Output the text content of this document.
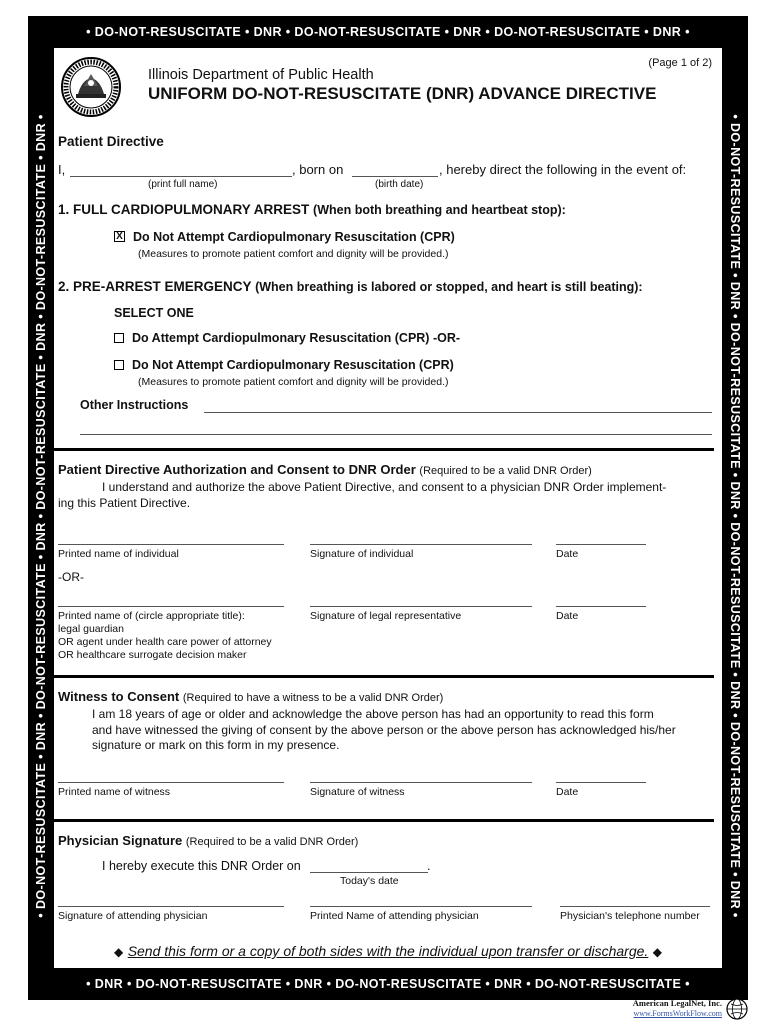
• DO-NOT-RESUSCITATE • DNR • DO-NOT-RESUSCITATE • DNR • DO-NOT-RESUSCITATE • DNR •
• DNR • DO-NOT-RESUSCITATE • DNR • DO-NOT-RESUSCITATE • DNR • DO-NOT-RESUSCITATE •
• DO-NOT-RESUSCITATE • DNR • DO-NOT-RESUSCITATE • DNR • DO-NOT-RESUSCITATE • DNR • DO-NOT-RESUSCITATE • DNR •	• DO-NOT-RESUSCITATE • DNR • DO-NOT-RESUSCITATE • DNR • DO-NOT-RESUSCITATE • DNR • DO-NOT-RESUSCITATE • DNR •
(Page 1 of 2)
Illinois Department of Public Health
UNIFORM DO-NOT-RESUSCITATE (DNR) ADVANCE DIRECTIVE
Patient Directive
I,	, born on	, hereby direct the following in the event of:
(print full name)	(birth date)
1. FULL CARDIOPULMONARY ARREST (When both breathing and heartbeat stop):
X Do Not Attempt Cardiopulmonary Resuscitation (CPR)
(Measures to promote patient comfort and dignity will be provided.)
2. PRE-ARREST EMERGENCY (When breathing is labored or stopped, and heart is still beating):
SELECT ONE
Do Attempt Cardiopulmonary Resuscitation (CPR) -OR-
Do Not Attempt Cardiopulmonary Resuscitation (CPR)
(Measures to promote patient comfort and dignity will be provided.)
Other Instructions
Patient Directive Authorization and Consent to DNR Order (Required to be a valid DNR Order)
I understand and authorize the above Patient Directive, and consent to a physician DNR Order implement-
ing this Patient Directive.
Printed name of individual	Signature of individual	Date
-OR-
Printed name of (circle appropriate title):
legal guardian
OR agent under health care power of attorney
OR healthcare surrogate decision maker
Signature of legal representative	Date
Witness to Consent (Required to have a witness to be a valid DNR Order)
I am 18 years of age or older and acknowledge the above person has had an opportunity to read this form
and have witnessed the giving of consent by the above person or the above person has acknowledged his/her
signature or mark on this form in my presence.
Printed name of witness	Signature of witness	Date
Physician Signature (Required to be a valid DNR Order)
I hereby execute this DNR Order on	.
Today's date
Signature of attending physician	Printed Name of attending physician	Physician's telephone number
◆ Send this form or a copy of both sides with the individual upon transfer or discharge. ◆
American LegalNet, Inc.
www.FormsWorkFlow.com
